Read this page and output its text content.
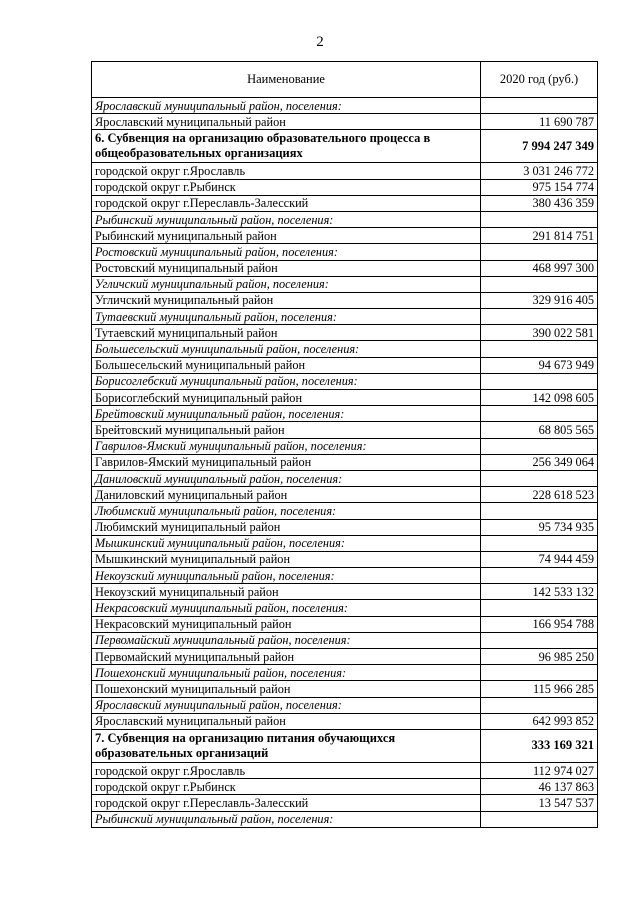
2
Наименование	2020 год (руб.)
Ярославский муниципальный район, поселения:	
Ярославский муниципальный район	11 690 787
6. Субвенция на организацию образовательного процесса в общеобразовательных организациях	7 994 247 349
городской округ г.Ярославль	3 031 246 772
городской округ г.Рыбинск	975 154 774
городской округ г.Переславль-Залесский	380 436 359
Рыбинский муниципальный район, поселения:	
Рыбинский муниципальный район	291 814 751
Ростовский муниципальный район, поселения:	
Ростовский муниципальный район	468 997 300
Угличский муниципальный район, поселения:	
Угличский муниципальный район	329 916 405
Тутаевский муниципальный район, поселения:	
Тутаевский муниципальный район	390 022 581
Большесельский муниципальный район, поселения:	
Большесельский муниципальный район	94 673 949
Борисоглебский муниципальный район, поселения:	
Борисоглебский муниципальный район	142 098 605
Брейтовский муниципальный район, поселения:	
Брейтовский муниципальный район	68 805 565
Гаврилов-Ямский муниципальный район, поселения:	
Гаврилов-Ямский муниципальный район	256 349 064
Даниловский муниципальный район, поселения:	
Даниловский муниципальный район	228 618 523
Любимский муниципальный район, поселения:	
Любимский муниципальный район	95 734 935
Мышкинский муниципальный район, поселения:	
Мышкинский муниципальный район	74 944 459
Некоузский муниципальный район, поселения:	
Некоузский муниципальный район	142 533 132
Некрасовский муниципальный район, поселения:	
Некрасовский муниципальный район	166 954 788
Первомайский муниципальный район, поселения:	
Первомайский муниципальный район	96 985 250
Пошехонский муниципальный район, поселения:	
Пошехонский муниципальный район	115 966 285
Ярославский муниципальный район, поселения:	
Ярославский муниципальный район	642 993 852
7. Субвенция на организацию питания обучающихся образовательных организаций	333 169 321
городской округ г.Ярославль	112 974 027
городской округ г.Рыбинск	46 137 863
городской округ г.Переславль-Залесский	13 547 537
Рыбинский муниципальный район, поселения:	
